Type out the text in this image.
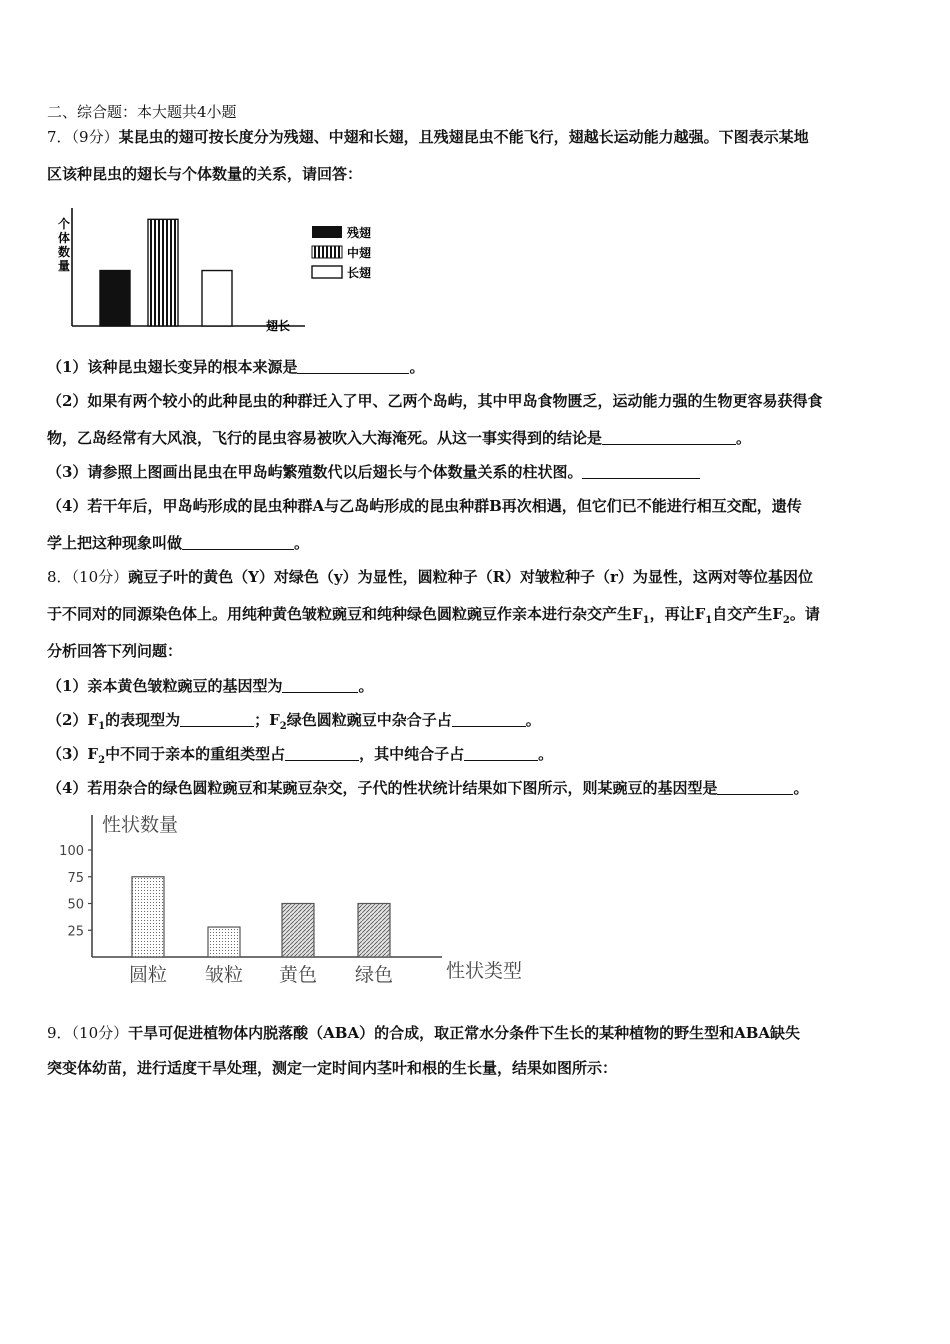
二、综合题：本大题共4小题
7．（9分）某昆虫的翅可按长度分为残翅、中翅和长翅，且残翅昆虫不能飞行，翅越长运动能力越强。下图表示某地
区该种昆虫的翅长与个体数量的关系，请回答：
个
体
数
量
翅长
残翅
中翅
长翅
（1）该种昆虫翅长变异的根本来源是	。
（2）如果有两个较小的此种昆虫的种群迁入了甲、乙两个岛屿，其中甲岛食物匮乏，运动能力强的生物更容易获得食
物，乙岛经常有大风浪，飞行的昆虫容易被吹入大海淹死。从这一事实得到的结论是	。
（3）请参照上图画出昆虫在甲岛屿繁殖数代以后翅长与个体数量关系的柱状图。
（4）若干年后，甲岛屿形成的昆虫种群A与乙岛屿形成的昆虫种群B再次相遇，但它们已不能进行相互交配，遗传
学上把这种现象叫做	。
8．（10分）豌豆子叶的黄色（Y）对绿色（y）为显性，圆粒种子（R）对皱粒种子（r）为显性，这两对等位基因位
于不同对的同源染色体上。用纯种黄色皱粒豌豆和纯种绿色圆粒豌豆作亲本进行杂交产生$F_1$，再让$F_1$自交产生$F_2$。请
分析回答下列问题：
（1）亲本黄色皱粒豌豆的基因型为	。
$(2)F_1$的表现型为	；$F_2$绿色圆粒豌豆中杂合子占	。
$(3)F_2$中不同于亲本的重组类型占	，其中纯合子占	。
（4）若用杂合的绿色圆粒豌豆和某豌豆杂交，子代的性状统计结果如下图所示，则某豌豆的基因型是	。
性状数量
性状类型
100
75
50
25
圆粒 皱粒 黄色 绿色
9．（10分）干旱可促进植物体内脱落酸（ABA）的合成，取正常水分条件下生长的某种植物的野生型和ABA缺失
突变体幼苗，进行适度干旱处理，测定一定时间内茎叶和根的生长量，结果如图所示：
